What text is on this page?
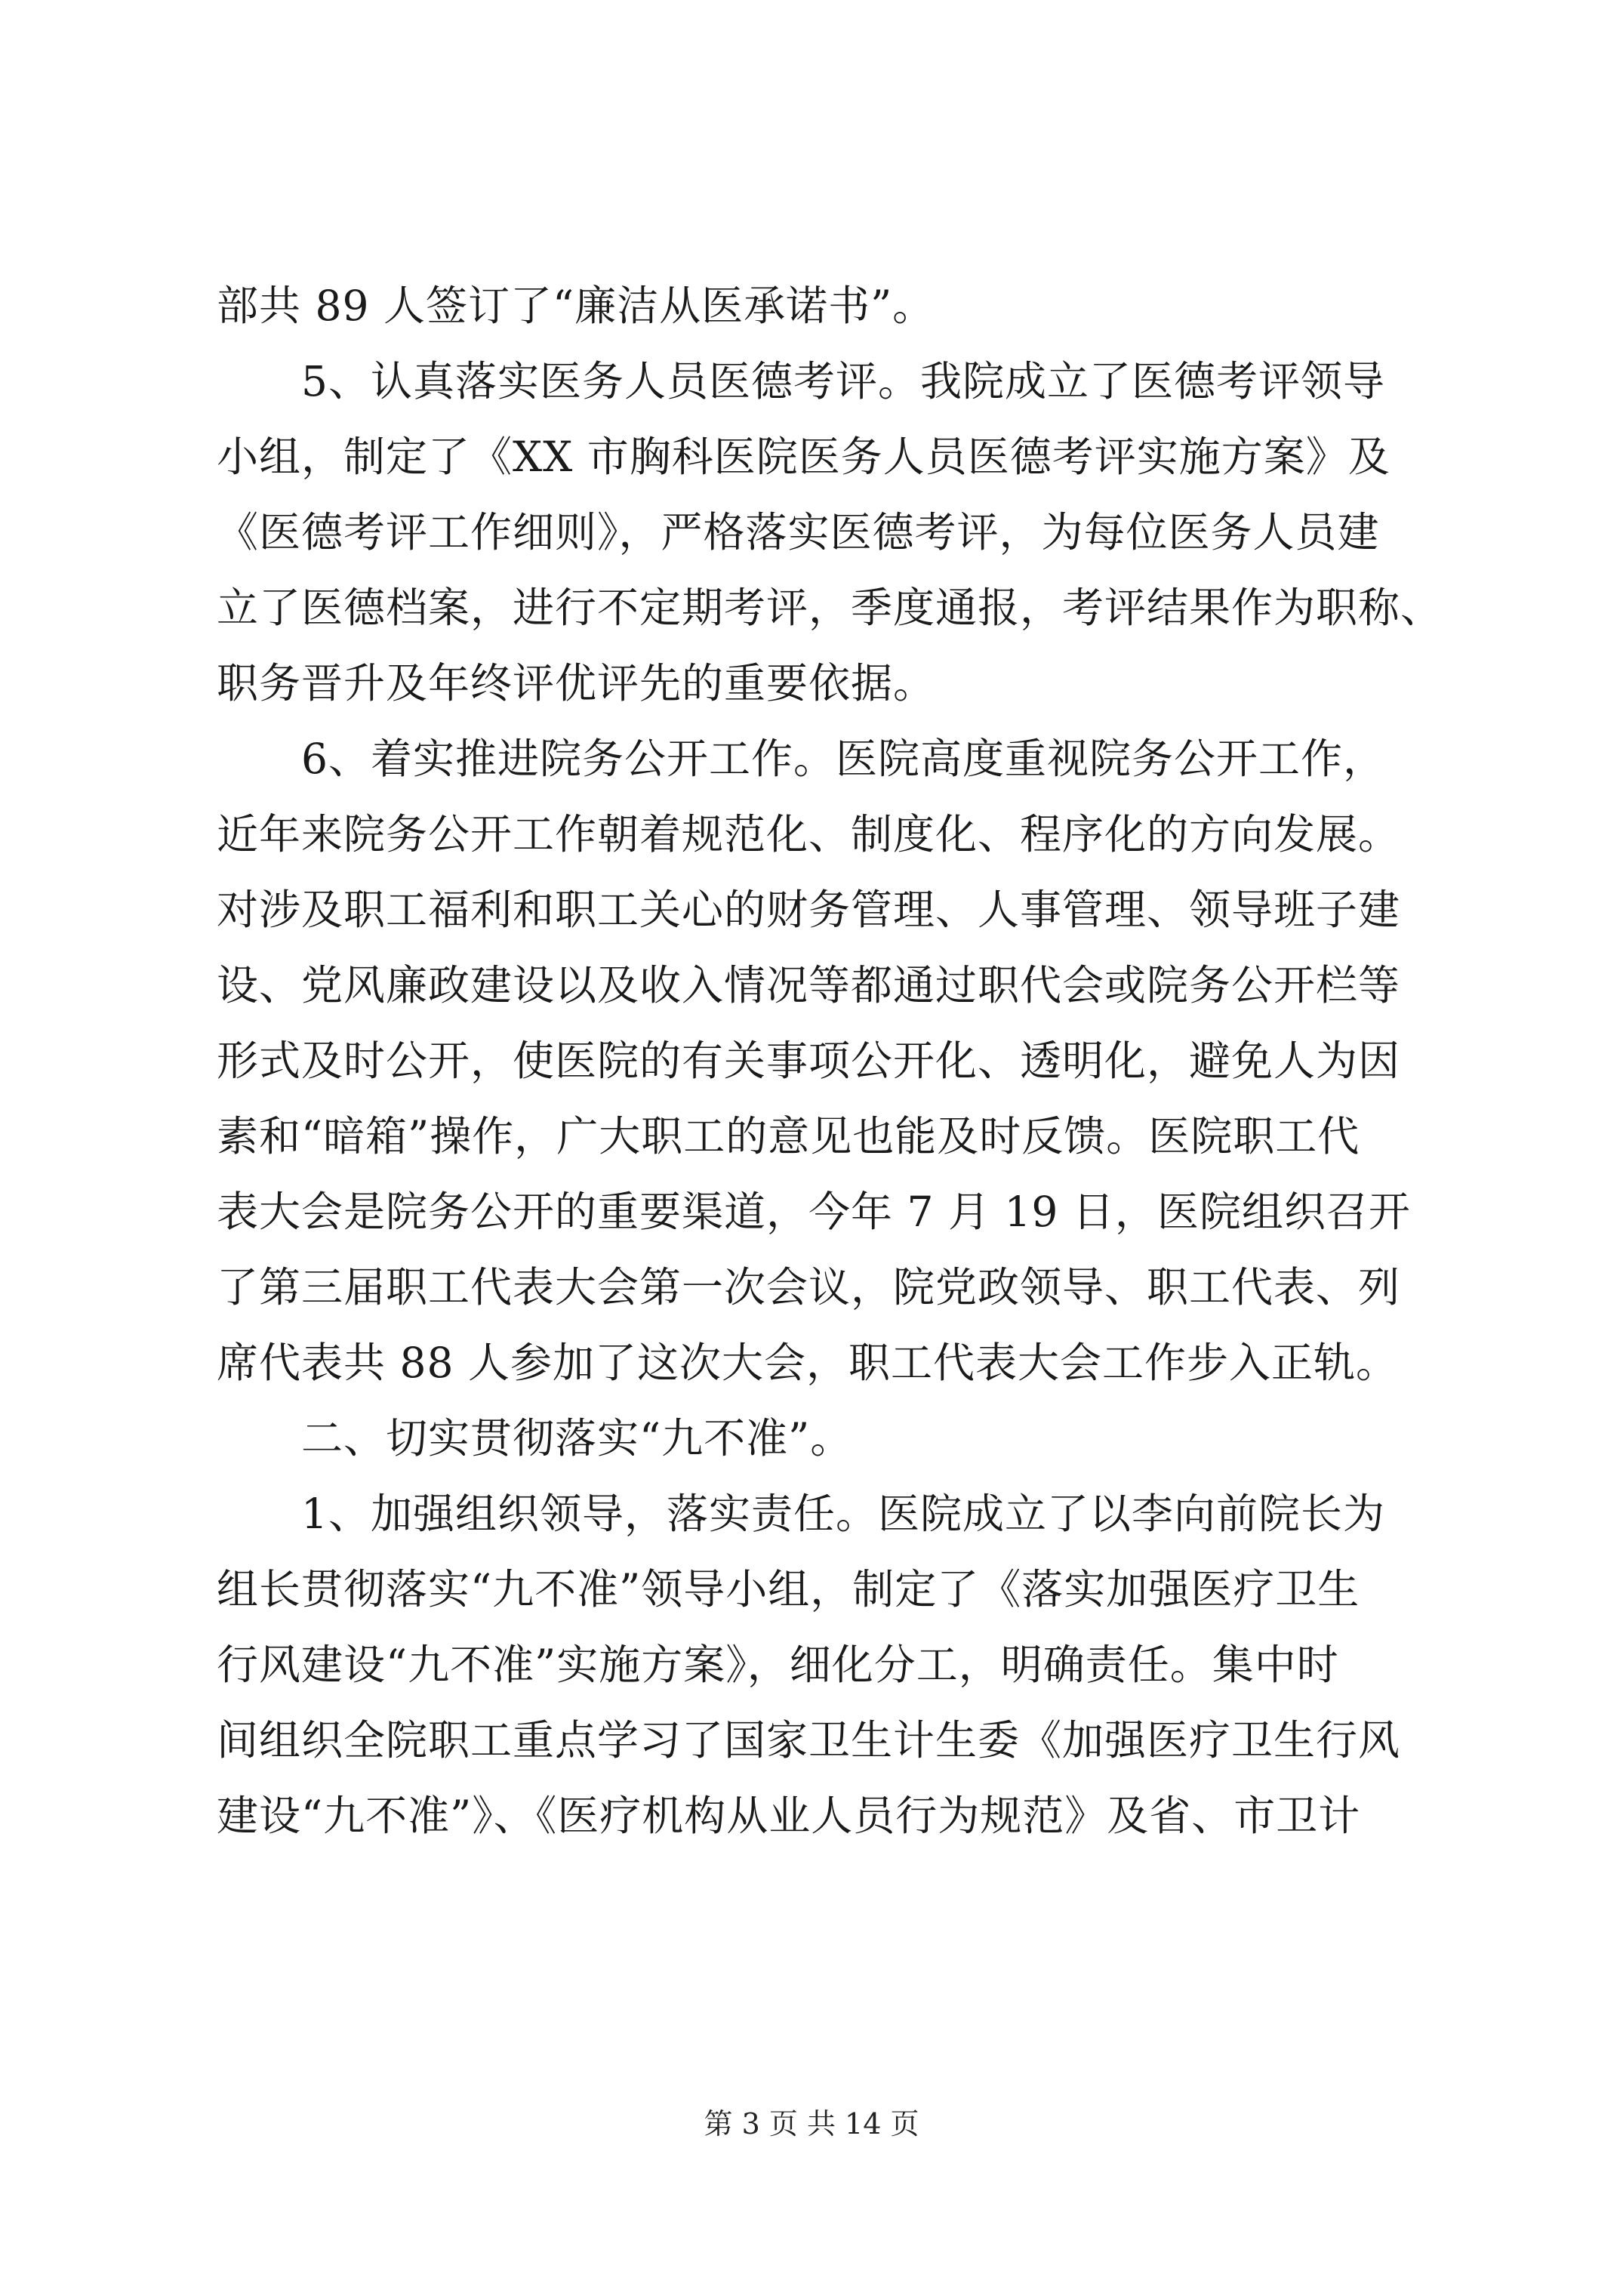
部共 89 人签订了“廉洁从医承诺书”。
5、认真落实医务人员医德考评。我院成立了医德考评领导
小组，制定了《XX 市胸科医院医务人员医德考评实施方案》及
《医德考评工作细则》，严格落实医德考评，为每位医务人员建
立了医德档案，进行不定期考评，季度通报，考评结果作为职称、
职务晋升及年终评优评先的重要依据。
6、着实推进院务公开工作。医院高度重视院务公开工作，
近年来院务公开工作朝着规范化、制度化、程序化的方向发展。
对涉及职工福利和职工关心的财务管理、人事管理、领导班子建
设、党风廉政建设以及收入情况等都通过职代会或院务公开栏等
形式及时公开，使医院的有关事项公开化、透明化，避免人为因
素和“暗箱”操作，广大职工的意见也能及时反馈。医院职工代
表大会是院务公开的重要渠道，今年 7 月 19 日，医院组织召开
了第三届职工代表大会第一次会议，院党政领导、职工代表、列
席代表共 88 人参加了这次大会，职工代表大会工作步入正轨。
二、切实贯彻落实“九不准”。
1、加强组织领导，落实责任。医院成立了以李向前院长为
组长贯彻落实“九不准”领导小组，制定了《落实加强医疗卫生
行风建设“九不准”实施方案》，细化分工，明确责任。集中时
间组织全院职工重点学习了国家卫生计生委《加强医疗卫生行风
建设“九不准”》、《医疗机构从业人员行为规范》及省、市卫计
第 3 页 共 14 页
